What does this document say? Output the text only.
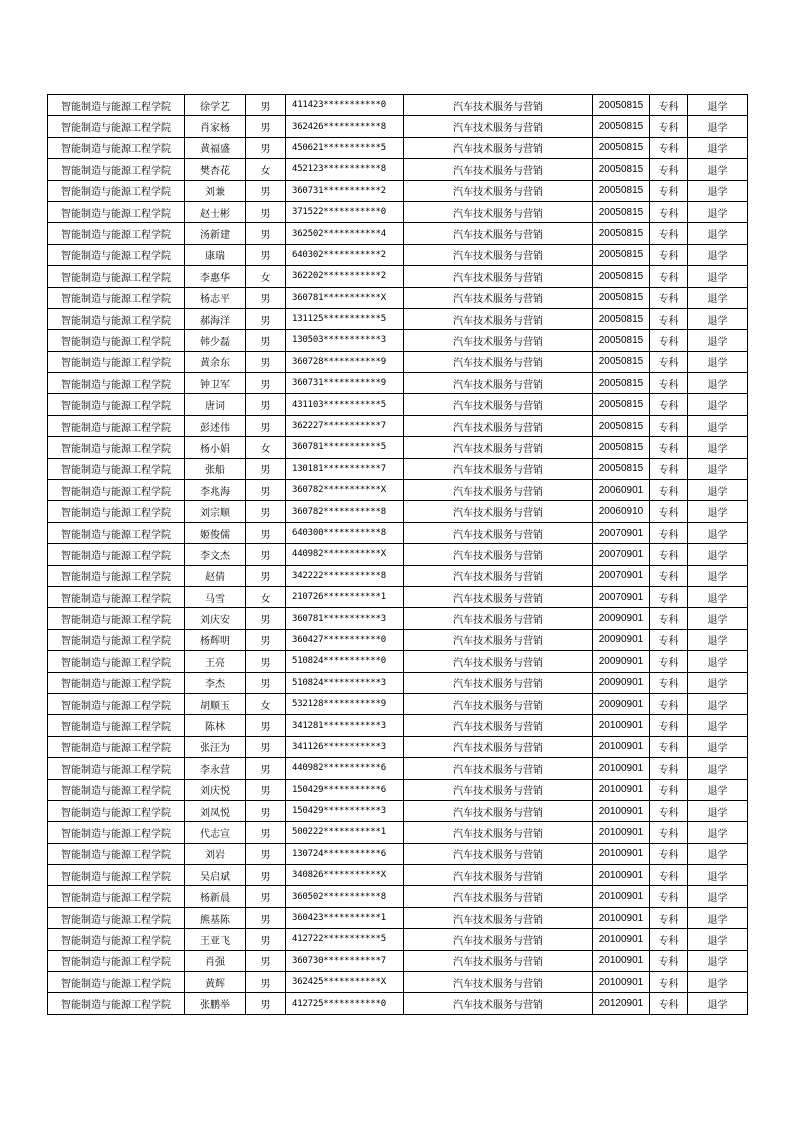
智能制造与能源工程学院	徐学艺	男	411423***********0	汽车技术服务与营销	20050815	专科	退学
智能制造与能源工程学院	肖家杨	男	362426***********8	汽车技术服务与营销	20050815	专科	退学
智能制造与能源工程学院	黄福盛	男	450621***********5	汽车技术服务与营销	20050815	专科	退学
智能制造与能源工程学院	樊杏花	女	452123***********8	汽车技术服务与营销	20050815	专科	退学
智能制造与能源工程学院	刘兼	男	360731***********2	汽车技术服务与营销	20050815	专科	退学
智能制造与能源工程学院	赵士彬	男	371522***********0	汽车技术服务与营销	20050815	专科	退学
智能制造与能源工程学院	汤新建	男	362502***********4	汽车技术服务与营销	20050815	专科	退学
智能制造与能源工程学院	康瑞	男	640302***********2	汽车技术服务与营销	20050815	专科	退学
智能制造与能源工程学院	李惠华	女	362202***********2	汽车技术服务与营销	20050815	专科	退学
智能制造与能源工程学院	杨志平	男	360781***********X	汽车技术服务与营销	20050815	专科	退学
智能制造与能源工程学院	郝海洋	男	131125***********5	汽车技术服务与营销	20050815	专科	退学
智能制造与能源工程学院	韩少磊	男	130503***********3	汽车技术服务与营销	20050815	专科	退学
智能制造与能源工程学院	黄余东	男	360728***********9	汽车技术服务与营销	20050815	专科	退学
智能制造与能源工程学院	钟卫军	男	360731***********9	汽车技术服务与营销	20050815	专科	退学
智能制造与能源工程学院	唐词	男	431103***********5	汽车技术服务与营销	20050815	专科	退学
智能制造与能源工程学院	彭述伟	男	362227***********7	汽车技术服务与营销	20050815	专科	退学
智能制造与能源工程学院	杨小娟	女	360781***********5	汽车技术服务与营销	20050815	专科	退学
智能制造与能源工程学院	张船	男	130181***********7	汽车技术服务与营销	20050815	专科	退学
智能制造与能源工程学院	李兆海	男	360782***********X	汽车技术服务与营销	20060901	专科	退学
智能制造与能源工程学院	刘宗顺	男	360782***********8	汽车技术服务与营销	20060910	专科	退学
智能制造与能源工程学院	姬俊儒	男	640300***********8	汽车技术服务与营销	20070901	专科	退学
智能制造与能源工程学院	李文杰	男	440982***********X	汽车技术服务与营销	20070901	专科	退学
智能制造与能源工程学院	赵倩	男	342222***********8	汽车技术服务与营销	20070901	专科	退学
智能制造与能源工程学院	马雪	女	210726***********1	汽车技术服务与营销	20070901	专科	退学
智能制造与能源工程学院	刘庆安	男	360781***********3	汽车技术服务与营销	20090901	专科	退学
智能制造与能源工程学院	杨辉明	男	360427***********0	汽车技术服务与营销	20090901	专科	退学
智能制造与能源工程学院	王亮	男	510824***********0	汽车技术服务与营销	20090901	专科	退学
智能制造与能源工程学院	李杰	男	510824***********3	汽车技术服务与营销	20090901	专科	退学
智能制造与能源工程学院	胡顺玉	女	532128***********9	汽车技术服务与营销	20090901	专科	退学
智能制造与能源工程学院	陈林	男	341281***********3	汽车技术服务与营销	20100901	专科	退学
智能制造与能源工程学院	张汪为	男	341126***********3	汽车技术服务与营销	20100901	专科	退学
智能制造与能源工程学院	李永营	男	440982***********6	汽车技术服务与营销	20100901	专科	退学
智能制造与能源工程学院	刘庆悦	男	150429***********6	汽车技术服务与营销	20100901	专科	退学
智能制造与能源工程学院	刘凤悦	男	150429***********3	汽车技术服务与营销	20100901	专科	退学
智能制造与能源工程学院	代志宣	男	500222***********1	汽车技术服务与营销	20100901	专科	退学
智能制造与能源工程学院	刘岩	男	130724***********6	汽车技术服务与营销	20100901	专科	退学
智能制造与能源工程学院	吴启斌	男	340826***********X	汽车技术服务与营销	20100901	专科	退学
智能制造与能源工程学院	杨新晨	男	360502***********8	汽车技术服务与营销	20100901	专科	退学
智能制造与能源工程学院	熊基陈	男	360423***********1	汽车技术服务与营销	20100901	专科	退学
智能制造与能源工程学院	王亚飞	男	412722***********5	汽车技术服务与营销	20100901	专科	退学
智能制造与能源工程学院	肖强	男	360730***********7	汽车技术服务与营销	20100901	专科	退学
智能制造与能源工程学院	黄辉	男	362425***********X	汽车技术服务与营销	20100901	专科	退学
智能制造与能源工程学院	张鹏举	男	412725***********0	汽车技术服务与营销	20120901	专科	退学
